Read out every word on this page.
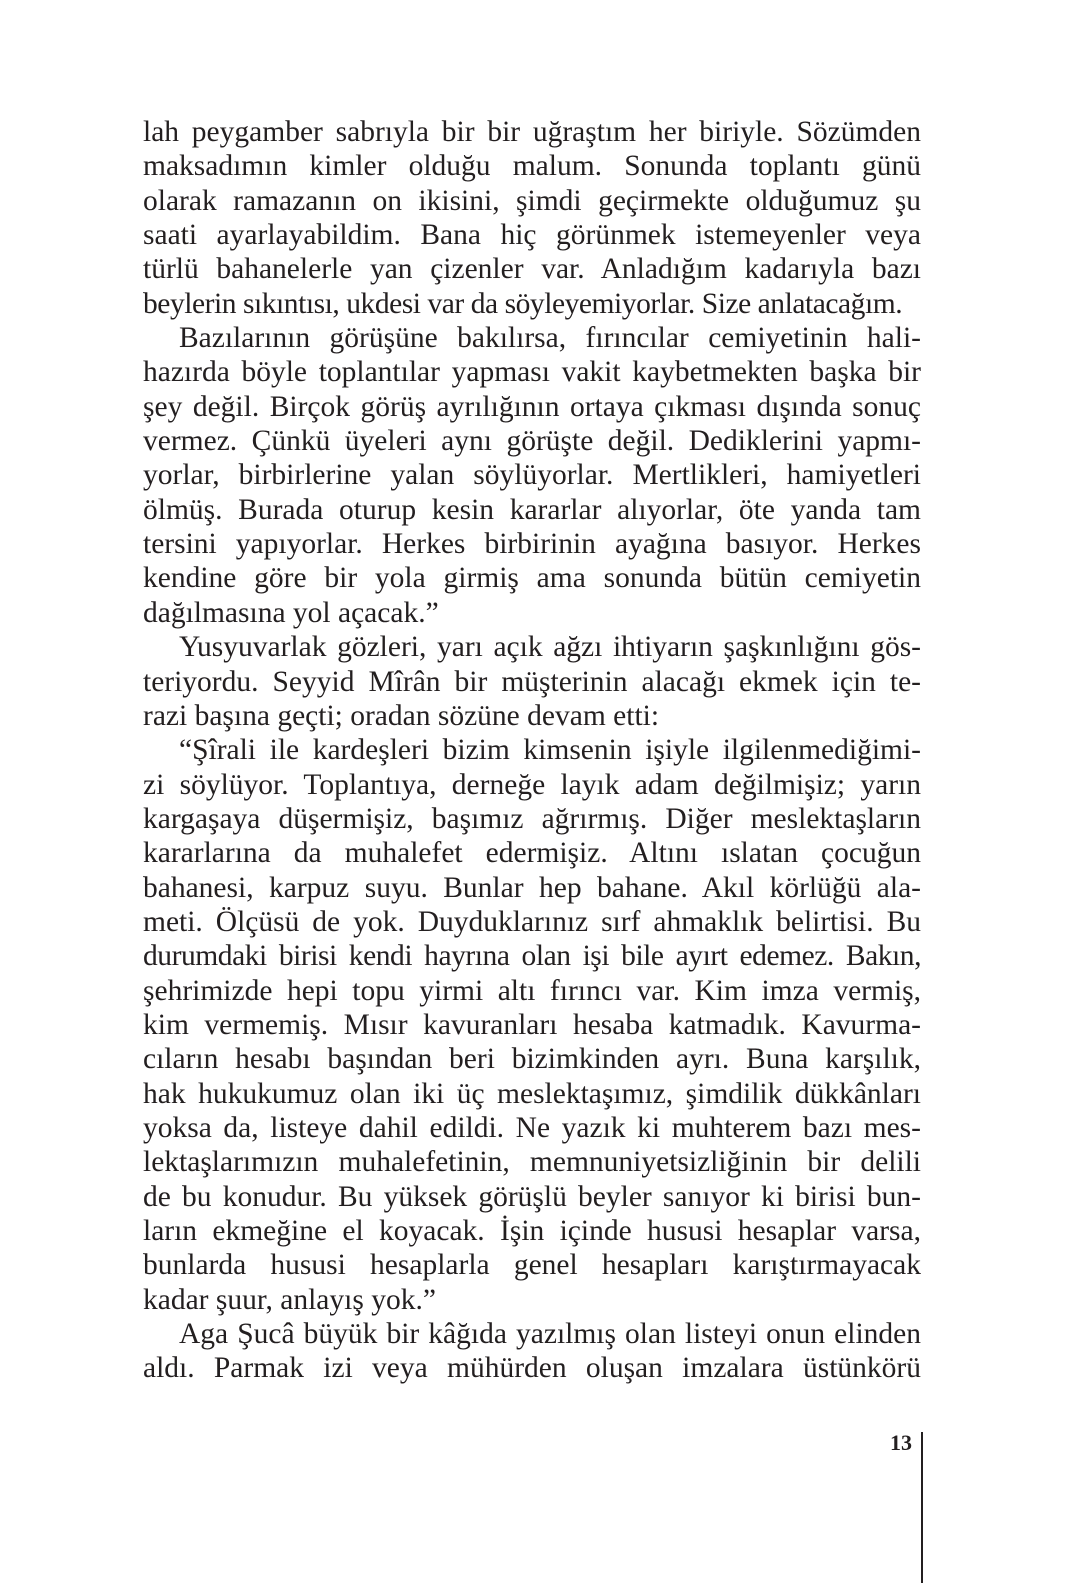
lah peygamber sabrıyla bir bir uğraştım her biriyle. Sözümden
maksadımın kimler olduğu malum. Sonunda toplantı günü
olarak ramazanın on ikisini, şimdi geçirmekte olduğumuz şu
saati ayarlayabildim. Bana hiç görünmek istemeyenler veya
türlü bahanelerle yan çizenler var. Anladığım kadarıyla bazı
beylerin sıkıntısı, ukdesi var da söyleyemiyorlar. Size anlatacağım.
Bazılarının görüşüne bakılırsa, fırıncılar cemiyetinin hali-
hazırda böyle toplantılar yapması vakit kaybetmekten başka bir
şey değil. Birçok görüş ayrılığının ortaya çıkması dışında sonuç
vermez. Çünkü üyeleri aynı görüşte değil. Dediklerini yapmı-
yorlar, birbirlerine yalan söylüyorlar. Mertlikleri, hamiyetleri
ölmüş. Burada oturup kesin kararlar alıyorlar, öte yanda tam
tersini yapıyorlar. Herkes birbirinin ayağına basıyor. Herkes
kendine göre bir yola girmiş ama sonunda bütün cemiyetin
dağılmasına yol açacak.”
Yusyuvarlak gözleri, yarı açık ağzı ihtiyarın şaşkınlığını gös-
teriyordu. Seyyid Mîrân bir müşterinin alacağı ekmek için te-
razi başına geçti; oradan sözüne devam etti:
“Şîrali ile kardeşleri bizim kimsenin işiyle ilgilenmediğimi-
zi söylüyor. Toplantıya, derneğe layık adam değilmişiz; yarın
kargaşaya düşermişiz, başımız ağrırmış. Diğer meslektaşların
kararlarına da muhalefet edermişiz. Altını ıslatan çocuğun
bahanesi, karpuz suyu. Bunlar hep bahane. Akıl körlüğü ala-
meti. Ölçüsü de yok. Duyduklarınız sırf ahmaklık belirtisi. Bu
durumdaki birisi kendi hayrına olan işi bile ayırt edemez. Bakın,
şehrimizde hepi topu yirmi altı fırıncı var. Kim imza vermiş,
kim vermemiş. Mısır kavuranları hesaba katmadık. Kavurma-
cıların hesabı başından beri bizimkinden ayrı. Buna karşılık,
hak hukukumuz olan iki üç meslektaşımız, şimdilik dükkânları
yoksa da, listeye dahil edildi. Ne yazık ki muhterem bazı mes-
lektaşlarımızın muhalefetinin, memnuniyetsizliğinin bir delili
de bu konudur. Bu yüksek görüşlü beyler sanıyor ki birisi bun-
ların ekmeğine el koyacak. İşin içinde hususi hesaplar varsa,
bunlarda hususi hesaplarla genel hesapları karıştırmayacak
kadar şuur, anlayış yok.”
Aga Şucâ büyük bir kâğıda yazılmış olan listeyi onun elinden
aldı. Parmak izi veya mühürden oluşan imzalara üstünkörü
13
